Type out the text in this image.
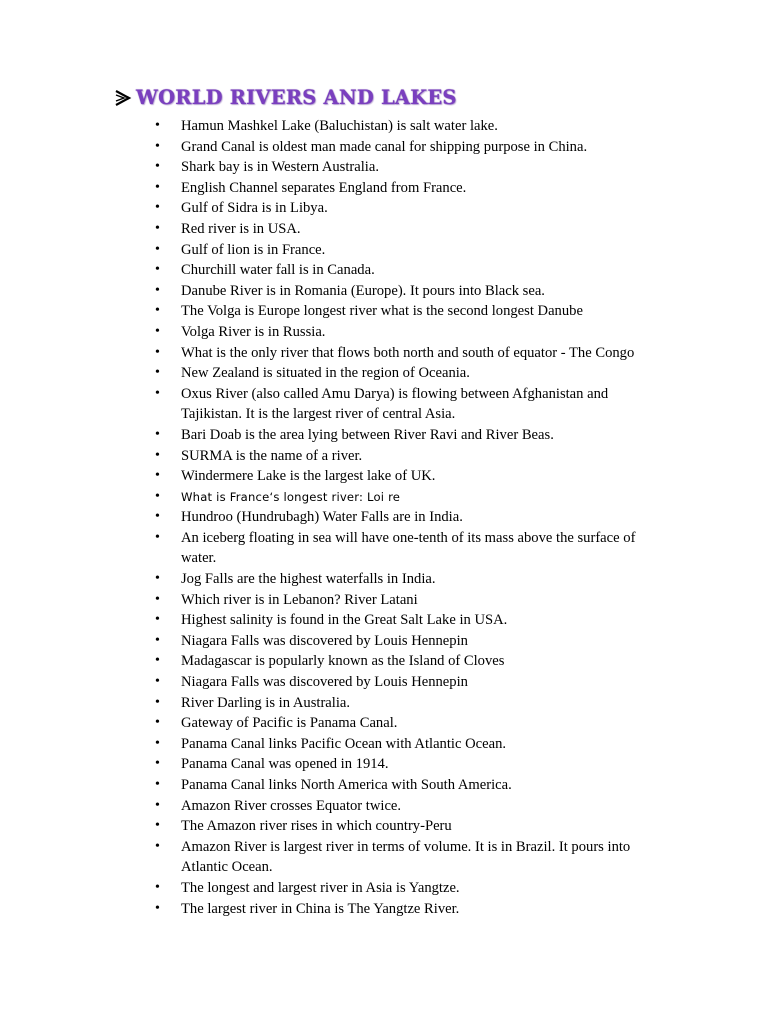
WORLD RIVERS AND LAKES
• Hamun Mashkel Lake (Baluchistan) is salt water lake.
• Grand Canal is oldest man made canal for shipping purpose in China.
• Shark bay is in Western Australia.
• English Channel separates England from France.
• Gulf of Sidra is in Libya.
• Red river is in USA.
• Gulf of lion is in France.
• Churchill water fall is in Canada.
• Danube River is in Romania (Europe). It pours into Black sea.
• The Volga is Europe longest river what is the second longest Danube
• Volga River is in Russia.
• What is the only river that flows both north and south of equator - The Congo
• New Zealand is situated in the region of Oceania.
• Oxus River (also called Amu Darya) is flowing between Afghanistan and
Tajikistan. It is the largest river of central Asia.
• Bari Doab is the area lying between River Ravi and River Beas.
• SURMA is the name of a river.
• Windermere Lake is the largest lake of UK.
• What is France‘s longest river: Loi re
• Hundroo (Hundrubagh) Water Falls are in India.
• An iceberg floating in sea will have one-tenth of its mass above the surface of
water.
• Jog Falls are the highest waterfalls in India.
• Which river is in Lebanon? River Latani
• Highest salinity is found in the Great Salt Lake in USA.
• Niagara Falls was discovered by Louis Hennepin
• Madagascar is popularly known as the Island of Cloves
• Niagara Falls was discovered by Louis Hennepin
• River Darling is in Australia.
• Gateway of Pacific is Panama Canal.
• Panama Canal links Pacific Ocean with Atlantic Ocean.
• Panama Canal was opened in 1914.
• Panama Canal links North America with South America.
• Amazon River crosses Equator twice.
• The Amazon river rises in which country-Peru
• Amazon River is largest river in terms of volume. It is in Brazil. It pours into
Atlantic Ocean.
• The longest and largest river in Asia is Yangtze.
• The largest river in China is The Yangtze River.
